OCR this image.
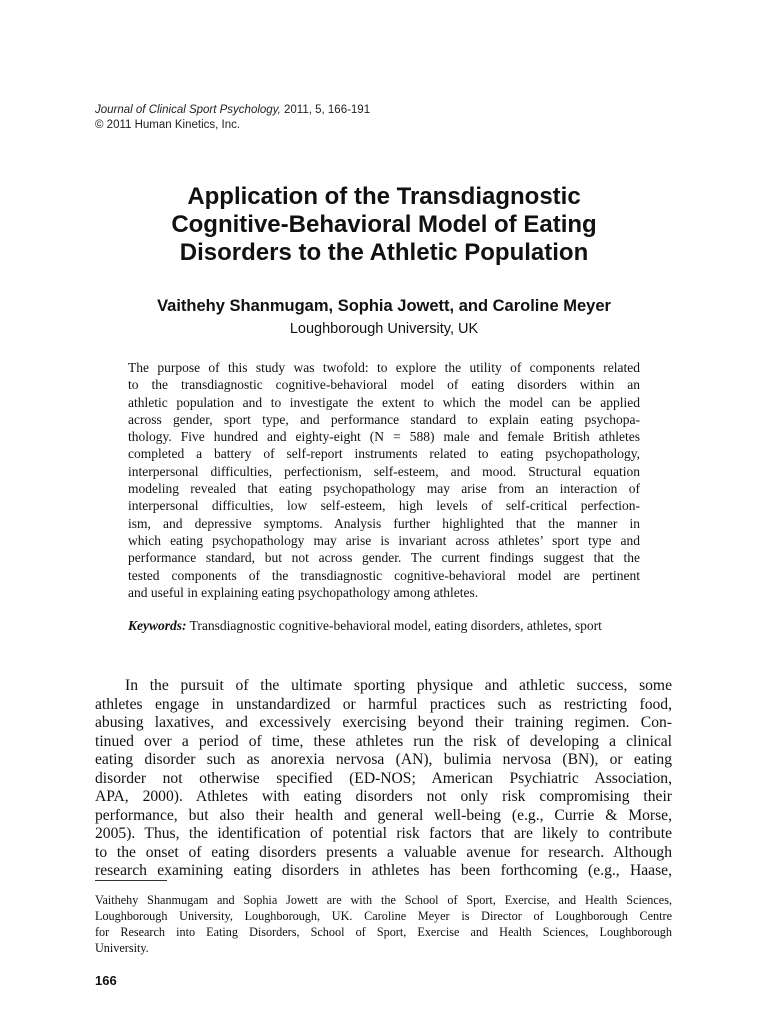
Journal of Clinical Sport Psychology, 2011, 5, 166-191
© 2011 Human Kinetics, Inc.
Application of the Transdiagnostic
Cognitive-Behavioral Model of Eating
Disorders to the Athletic Population
Vaithehy Shanmugam, Sophia Jowett, and Caroline Meyer
Loughborough University, UK
The purpose of this study was twofold: to explore the utility of components related
to the transdiagnostic cognitive-behavioral model of eating disorders within an
athletic population and to investigate the extent to which the model can be applied
across gender, sport type, and performance standard to explain eating psychopa-
thology. Five hundred and eighty-eight (N = 588) male and female British athletes
completed a battery of self-report instruments related to eating psychopathology,
interpersonal difficulties, perfectionism, self-esteem, and mood. Structural equation
modeling revealed that eating psychopathology may arise from an interaction of
interpersonal difficulties, low self-esteem, high levels of self-critical perfection-
ism, and depressive symptoms. Analysis further highlighted that the manner in
which eating psychopathology may arise is invariant across athletes’ sport type and
performance standard, but not across gender. The current findings suggest that the
tested components of the transdiagnostic cognitive-behavioral model are pertinent
and useful in explaining eating psychopathology among athletes.
Keywords: Transdiagnostic cognitive-behavioral model, eating disorders, athletes, sport
In the pursuit of the ultimate sporting physique and athletic success, some
athletes engage in unstandardized or harmful practices such as restricting food,
abusing laxatives, and excessively exercising beyond their training regimen. Con-
tinued over a period of time, these athletes run the risk of developing a clinical
eating disorder such as anorexia nervosa (AN), bulimia nervosa (BN), or eating
disorder not otherwise specified (ED-NOS; American Psychiatric Association,
APA, 2000). Athletes with eating disorders not only risk compromising their
performance, but also their health and general well-being (e.g., Currie & Morse,
2005). Thus, the identification of potential risk factors that are likely to contribute
to the onset of eating disorders presents a valuable avenue for research. Although
research examining eating disorders in athletes has been forthcoming (e.g., Haase,
Vaithehy Shanmugam and Sophia Jowett are with the School of Sport, Exercise, and Health Sciences,
Loughborough University, Loughborough, UK. Caroline Meyer is Director of Loughborough Centre
for Research into Eating Disorders, School of Sport, Exercise and Health Sciences, Loughborough
University.
166
